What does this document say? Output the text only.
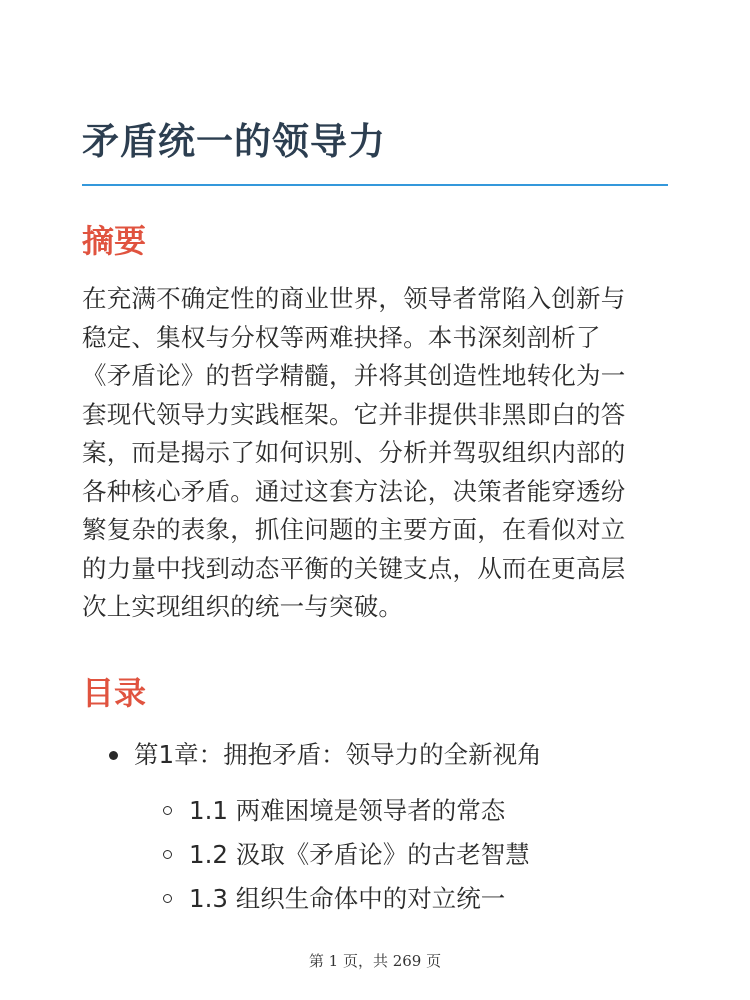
矛盾统一的领导力
摘要

在充满不确定性的商业世界，领导者常陷入创新与
稳定、集权与分权等两难抉择。本书深刻剖析了
《矛盾论》的哲学精髓，并将其创造性地转化为一
套现代领导力实践框架。它并非提供非黑即白的答
案，而是揭示了如何识别、分析并驾驭组织内部的
各种核心矛盾。通过这套方法论，决策者能穿透纷
繁复杂的表象，抓住问题的主要方面，在看似对立
的力量中找到动态平衡的关键支点，从而在更高层
次上实现组织的统一与突破。

目录
第1章：拥抱矛盾：领导力的全新视角
1.1 两难困境是领导者的常态
1.2 汲取《矛盾论》的古老智慧
1.3 组织生命体中的对立统一
第 1 页，共 269 页
